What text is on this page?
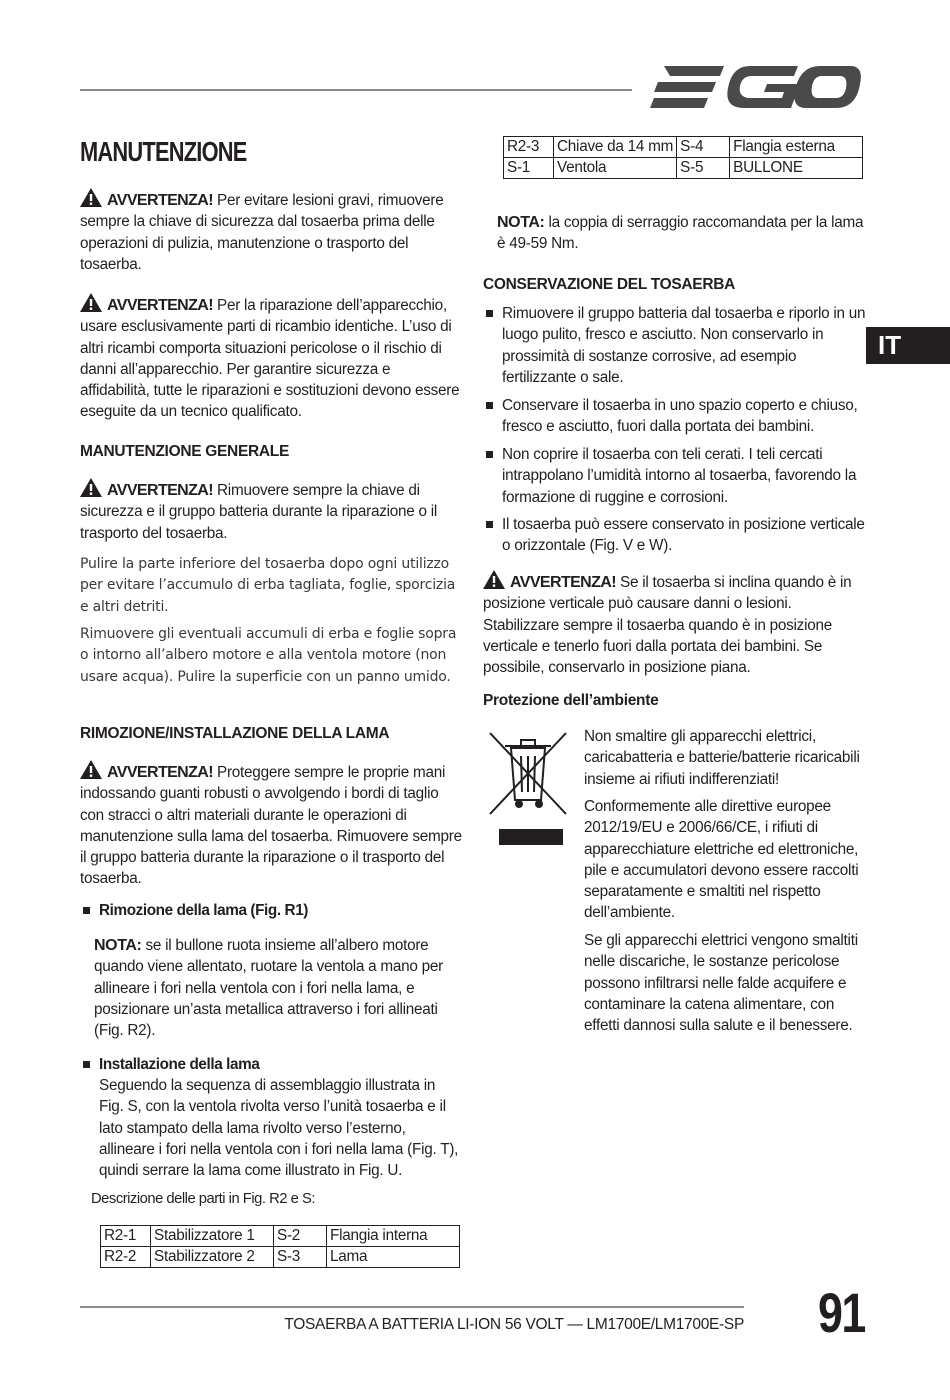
IT
MANUTENZIONE
AVVERTENZA! Per evitare lesioni gravi, rimuovere sempre la chiave di sicurezza dal tosaerba prima delle operazioni di pulizia, manutenzione o trasporto del tosaerba.
AVVERTENZA! Per la riparazione dell’apparecchio, usare esclusivamente parti di ricambio identiche. L’uso di altri ricambi comporta situazioni pericolose o il rischio di danni all’apparecchio. Per garantire sicurezza e affidabilità, tutte le riparazioni e sostituzioni devono essere eseguite da un tecnico qualificato.
MANUTENZIONE GENERALE
AVVERTENZA! Rimuovere sempre la chiave di sicurezza e il gruppo batteria durante la riparazione o il trasporto del tosaerba.
Pulire la parte inferiore del tosaerba dopo ogni utilizzo per evitare l’accumulo di erba tagliata, foglie, sporcizia e altri detriti.
Rimuovere gli eventuali accumuli di erba e foglie sopra o intorno all’albero motore e alla ventola motore (non usare acqua). Pulire la superficie con un panno umido.
RIMOZIONE/INSTALLAZIONE DELLA LAMA
AVVERTENZA! Proteggere sempre le proprie mani indossando guanti robusti o avvolgendo i bordi di taglio con stracci o altri materiali durante le operazioni di manutenzione sulla lama del tosaerba. Rimuovere sempre il gruppo batteria durante la riparazione o il trasporto del tosaerba.
Rimozione della lama (Fig. R1)
NOTA: se il bullone ruota insieme all’albero motore quando viene allentato, ruotare la ventola a mano per allineare i fori nella ventola con i fori nella lama, e posizionare un’asta metallica attraverso i fori allineati (Fig. R2).
Installazione della lama
Seguendo la sequenza di assemblaggio illustrata in Fig. S, con la ventola rivolta verso l’unità tosaerba e il lato stampato della lama rivolto verso l’esterno, allineare i fori nella ventola con i fori nella lama (Fig. T), quindi serrare la lama come illustrato in Fig. U.
Descrizione delle parti in Fig. R2 e S:
R2-1	Stabilizzatore 1	S-2	Flangia interna
R2-2	Stabilizzatore 2	S-3	Lama
R2-3	Chiave da 14 mm	S-4	Flangia esterna
S-1	Ventola	S-5	BULLONE
NOTA: la coppia di serraggio raccomandata per la lama è 49-59 Nm.
CONSERVAZIONE DEL TOSAERBA
Rimuovere il gruppo batteria dal tosaerba e riporlo in un luogo pulito, fresco e asciutto. Non conservarlo in prossimità di sostanze corrosive, ad esempio fertilizzante o sale.
Conservare il tosaerba in uno spazio coperto e chiuso, fresco e asciutto, fuori dalla portata dei bambini.
Non coprire il tosaerba con teli cerati. I teli cercati intrappolano l’umidità intorno al tosaerba, favorendo la formazione di ruggine e corrosioni.
Il tosaerba può essere conservato in posizione verticale o orizzontale (Fig. V e W).
AVVERTENZA! Se il tosaerba si inclina quando è in posizione verticale può causare danni o lesioni. Stabilizzare sempre il tosaerba quando è in posizione verticale e tenerlo fuori dalla portata dei bambini. Se possibile, conservarlo in posizione piana.
Protezione dell’ambiente
Non smaltire gli apparecchi elettrici, caricabatteria e batterie/batterie ricaricabili insieme ai rifiuti indifferenziati!
Conformemente alle direttive europee 2012/19/EU e 2006/66/CE, i rifiuti di apparecchiature elettriche ed elettroniche, pile e accumulatori devono essere raccolti separatamente e smaltiti nel rispetto dell’ambiente.
Se gli apparecchi elettrici vengono smaltiti nelle discariche, le sostanze pericolose possono infiltrarsi nelle falde acquifere e contaminare la catena alimentare, con effetti dannosi sulla salute e il benessere.
TOSAERBA A BATTERIA LI-ION 56 VOLT — LM1700E/LM1700E-SP 91
